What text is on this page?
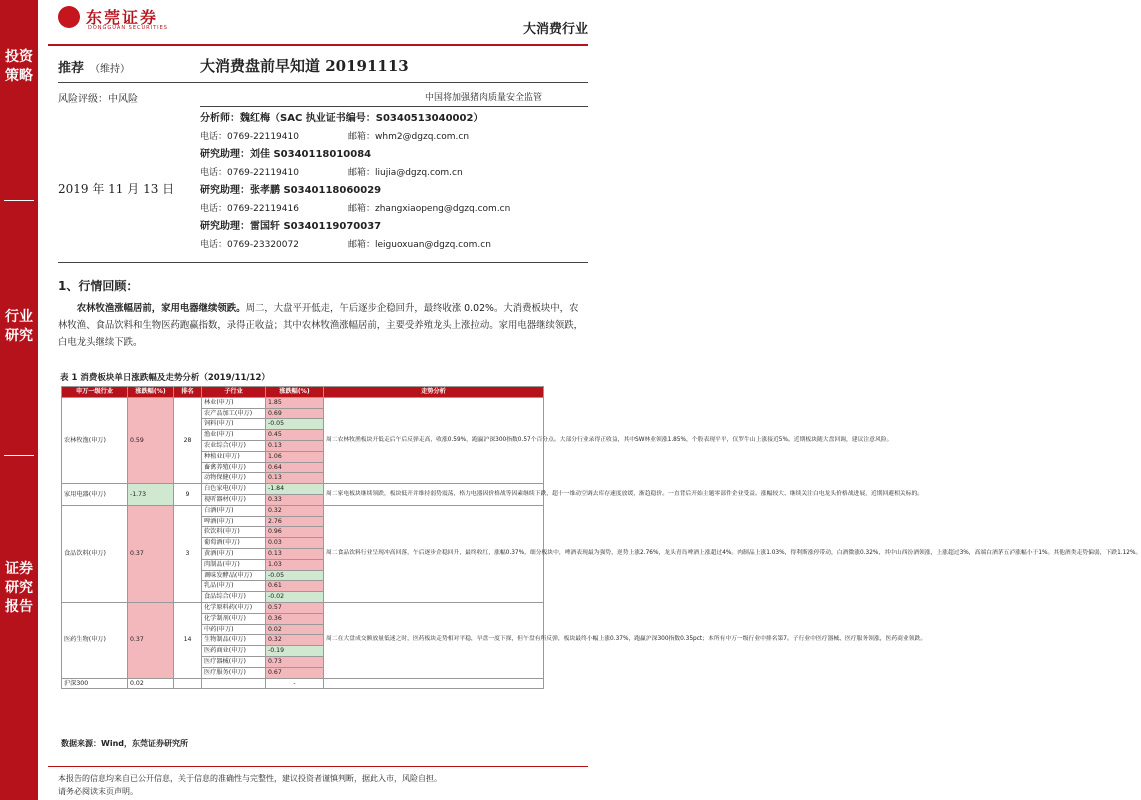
投资策略
行业研究
证券研究报告
东莞证券
DONGGUAN SECURITIES	大消费行业
推荐 （维持）	大消费盘前早知道 20191113
风险评级：中风险	中国将加强猪肉质量安全监管
2019 年 11 月 13 日
分析师：魏红梅（SAC 执业证书编号：S0340513040002）
电话：0769-22119410	邮箱：whm2@dgzq.com.cn
研究助理：刘佳 S0340118010084
电话：0769-22119410	邮箱：liujia@dgzq.com.cn
研究助理：张孝鹏 S0340118060029
电话：0769-22119416	邮箱：zhangxiaopeng@dgzq.com.cn
研究助理：雷国轩 S0340119070037
电话：0769-23320072	邮箱：leiguoxuan@dgzq.com.cn
1、行情回顾：
农林牧渔涨幅居前，家用电器继续领跌。周二，大盘平开低走，午后逐步企稳回升，最终收涨 0.02%。大消费板块中，农林牧渔、食品饮料和生物医药跑赢指数，录得正收益；其中农林牧渔涨幅居前，主要受养殖龙头上涨拉动。家用电器继续领跌，白电龙头继续下跌。
表 1 消费板块单日涨跌幅及走势分析（2019/11/12）
申万一级行业	涨跌幅(%)	排名	子行业	涨跌幅(%)	走势分析
农林牧渔(申万)	0.59	28	林业(申万)	1.85	周二农林牧渔板块开低走后午后反弹走高，收涨0.59%，跑赢沪深300指数0.57个百分点。大部分行业录得正收益，其中SW林业领涨1.85%，个股表现平平，仅罗牛山上涨接近5%。近期板块随大盘回调，建议注意风险。
			农产品加工(申万)	0.69	
			饲料(申万)	-0.05	
			渔业(申万)	0.45	
			农业综合(申万)	0.13	
			种植业(申万)	1.06	
			畜禽养殖(申万)	0.64	
			动物保健(申万)	0.13	
家用电器(申万)	-1.73	9	白色家电(申万)	-1.84	周二家电板块继续领跌，板块低开并维持弱势震荡，格力电器因价格战等因素继续下跌，超十一维动空调去库存速度放缓，渐趋稳价。一直背后开始主题零部件企业受益。涨幅较大、继续关注白电龙头价格战进展，近期回避相关标的。
			视听器材(申万)	0.33	
食品饮料(申万)	0.37	3	白酒(申万)	0.32	周二食品饮料行业呈现冲高回落，午后逐步企稳回升，最终收红，涨幅0.37%，细分板块中，啤酒表现最为强势，逆势上涨2.76%，龙头青岛啤酒上涨超过4%。肉制品上涨1.03%，得利斯涨停带动，白酒微涨0.32%，其中山西汾酒领涨，上涨超过3%，高端白酒茅五泸涨幅小于1%。其他酒类走势偏弱，下跌1.12%。
			啤酒(申万)	2.76	
			软饮料(申万)	0.96	
			葡萄酒(申万)	0.03	
			黄酒(申万)	0.13	
			肉制品(申万)	1.03	
			调味发酵品(申万)	-0.05	
			乳品(申万)	0.61	
			食品综合(申万)	-0.02	
医药生物(申万)	0.37	14	化学原料药(申万)	0.57	周二在大盘成交额放量低迷之时，医药板块走势相对平稳，早盘一度下探，但午盘有所反弹，板块最终小幅上涨0.37%，跑赢沪深300指数0.35pct；本所有中万一级行业中排名第7。子行业中医疗器械、医疗服务领涨，医药商业领跌。
			化学制剂(申万)	0.36	
			中药(申万)	0.02	
			生物制品(申万)	0.32	
			医药商业(申万)	-0.19	
			医疗器械(申万)	0.73	
			医疗服务(申万)	0.67	
沪深300	0.02			-	
数据来源：Wind，东莞证券研究所
本报告的信息均来自已公开信息，关于信息的准确性与完整性，建议投资者谨慎判断，据此入市，风险自担。
请务必阅读末页声明。
